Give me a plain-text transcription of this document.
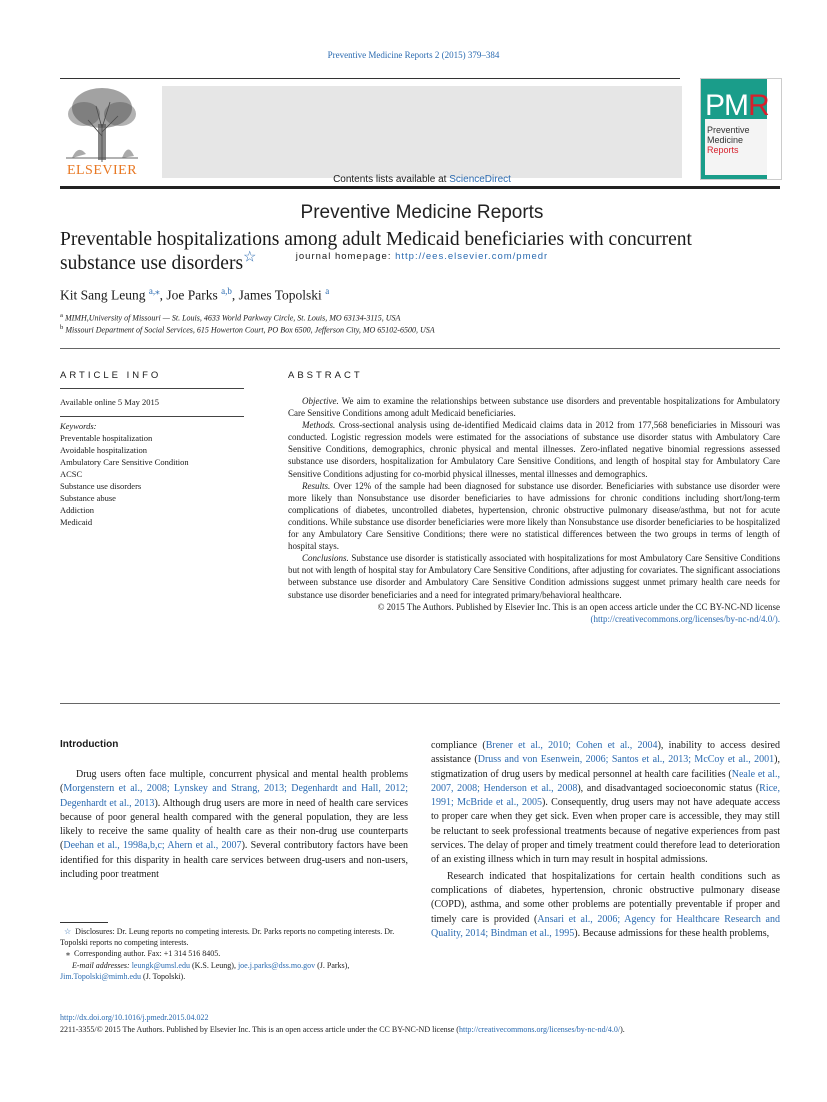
Preventive Medicine Reports 2 (2015) 379–384
ELSEVIER
Contents lists available at ScienceDirect
Preventive Medicine Reports
journal homepage: http://ees.elsevier.com/pmedr
PMR
Preventive
Medicine
Reports
Preventable hospitalizations among adult Medicaid beneficiaries with concurrent
substance use disorders☆
Kit Sang Leung $^{a,⁎}$, Joe Parks $^{a,b}$, James Topolski $^a$
$^a$ MIMH,University of Missouri — St. Louis, 4633 World Parkway Circle, St. Louis, MO 63134-3115, USA
$^b$ Missouri Department of Social Services, 615 Howerton Court, PO Box 6500, Jefferson City, MO 65102-6500, USA
ARTICLE INFO
Available online 5 May 2015
Keywords:
Preventable hospitalization
Avoidable hospitalization
Ambulatory Care Sensitive Condition
ACSC
Substance use disorders
Substance abuse
Addiction
Medicaid
ABSTRACT

Objective. We aim to examine the relationships between substance use disorders and preventable hospitalizations for Ambulatory Care Sensitive Conditions among adult Medicaid beneficiaries.

Methods. Cross-sectional analysis using de-identified Medicaid claims data in 2012 from 177,568 beneficiaries in Missouri was conducted. Logistic regression models were estimated for the associations of substance use disorder status with Ambulatory Care Sensitive Conditions, demographics, chronic physical and mental illnesses. Zero-inflated negative binomial regressions assessed substance use disorders, hospitalization for Ambulatory Care Sensitive Conditions, and length of hospital stay for Ambulatory Care Sensitive Conditions adjusting for co-morbid physical illnesses, mental illnesses and demographics.

Results. Over 12% of the sample had been diagnosed for substance use disorder. Beneficiaries with substance use disorder were more likely than Nonsubstance use disorder beneficiaries to have admissions for chronic conditions including short/long-term complications of diabetes, uncontrolled diabetes, hypertension, chronic obstructive pulmonary disease/asthma, but not for acute conditions. While substance use disorder beneficiaries were more likely than Nonsubstance use disorder beneficiaries to be hospitalized for any Ambulatory Care Sensitive Conditions; there were no statistical differences between the two groups in terms of length of hospital stays.

Conclusions. Substance use disorder is statistically associated with hospitalizations for most Ambulatory Care Sensitive Conditions but not with length of hospital stay for Ambulatory Care Sensitive Conditions, after adjusting for covariates. The significant associations between substance use disorder and Ambulatory Care Sensitive Condition admissions suggest unmet primary health care needs for substance use disorder beneficiaries and a need for integrated primary/behavioral healthcare.

© 2015 The Authors. Published by Elsevier Inc. This is an open access article under the CC BY-NC-ND license
(http://creativecommons.org/licenses/by-nc-nd/4.0/).

Introduction

Drug users often face multiple, concurrent physical and mental health problems (Morgenstern et al., 2008; Lynskey and Strang, 2013; Degenhardt and Hall, 2012; Degenhardt et al., 2013). Although drug users are more in need of health care services because of poor general health compared with the general population, they are less likely to receive the same quality of health care as their non-drug use counterparts (Deehan et al., 1998a,b,c; Ahern et al., 2007). Several contributory factors have been identified for this disparity in health care services between drug-users and non-users, including poor treatment

compliance (Brener et al., 2010; Cohen et al., 2004), inability to access desired assistance (Druss and von Esenwein, 2006; Santos et al., 2013; McCoy et al., 2001), stigmatization of drug users by medical personnel at health care facilities (Neale et al., 2007, 2008; Henderson et al., 2008), and disadvantaged socioeconomic status (Rice, 1991; McBride et al., 2005). Consequently, drug users may not have adequate access to proper care when they get sick. Even when proper care is accessible, they may still be reluctant to seek professional treatments because of negative experiences from past services. The delay of proper and timely treatment could therefore lead to deterioration of an existing illness which in turn may result in hospital admissions.

Research indicated that hospitalizations for certain health conditions such as complications of diabetes, hypertension, chronic obstructive pulmonary disease (COPD), asthma, and some other problems are potentially preventable if proper and timely care is provided (Ansari et al., 2006; Agency for Healthcare Research and Quality, 2014; Bindman et al., 1995). Because admissions for these health problems,

☆ Disclosures: Dr. Leung reports no competing interests. Dr. Parks reports no competing interests. Dr. Topolski reports no competing interests.

⁎ Corresponding author. Fax: +1 314 516 8405.

E-mail addresses: leungk@umsl.edu (K.S. Leung), joe.j.parks@dss.mo.gov (J. Parks),
Jim.Topolski@mimh.edu (J. Topolski).

http://dx.doi.org/10.1016/j.pmedr.2015.04.022
2211-3355/© 2015 The Authors. Published by Elsevier Inc. This is an open access article under the CC BY-NC-ND license (http://creativecommons.org/licenses/by-nc-nd/4.0/).
